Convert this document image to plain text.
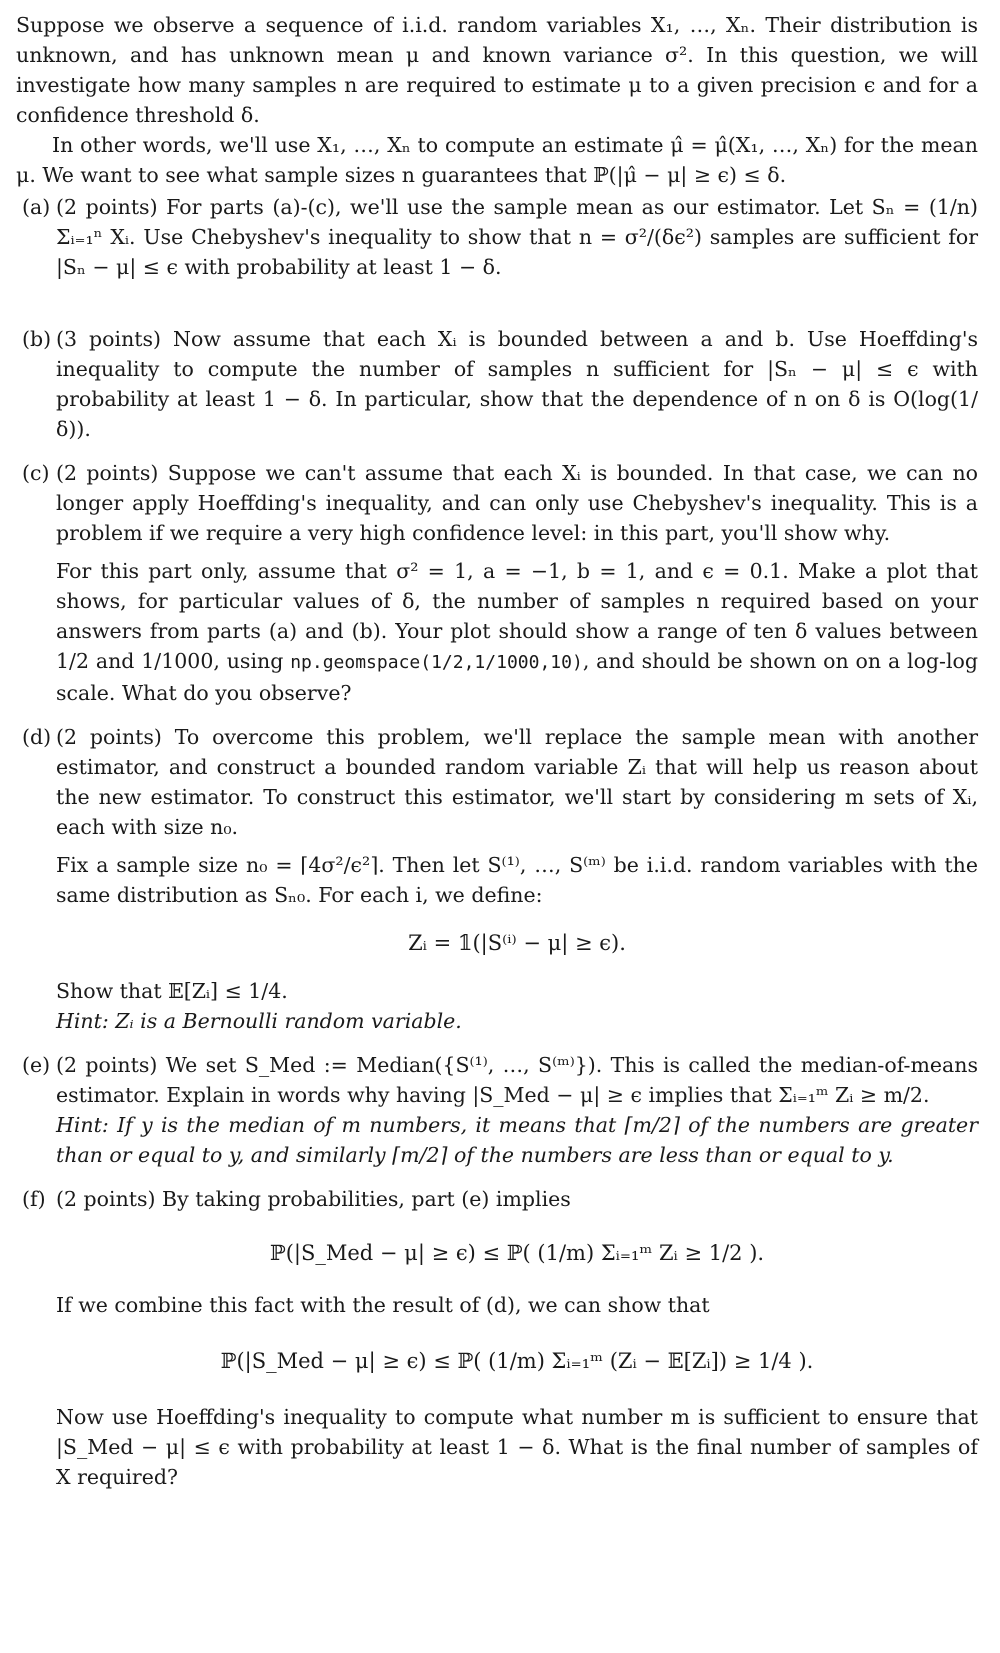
Suppose we observe a sequence of i.i.d. random variables X₁, …, Xₙ. Their distribution is unknown, and has unknown mean μ and known variance σ². In this question, we will investigate how many samples n are required to estimate μ to a given precision ϵ and for a confidence threshold δ.

In other words, we'll use X₁, …, Xₙ to compute an estimate μ̂ = μ̂(X₁, …, Xₙ) for the mean μ. We want to see what sample sizes n guarantees that ℙ(|μ̂ − μ| ≥ ϵ) ≤ δ.

(a) (2 points) For parts (a)-(c), we'll use the sample mean as our estimator. Let Sₙ = (1/n) Σᵢ₌₁ⁿ Xᵢ. Use Chebyshev's inequality to show that n = σ²/(δϵ²) samples are sufficient for |Sₙ − μ| ≤ ϵ with probability at least 1 − δ.
(b) (3 points) Now assume that each Xᵢ is bounded between a and b. Use Hoeffding's inequality to compute the number of samples n sufficient for |Sₙ − μ| ≤ ϵ with probability at least 1 − δ. In particular, show that the dependence of n on δ is O(log(1/δ)).
(c) (2 points) Suppose we can't assume that each Xᵢ is bounded. In that case, we can no longer apply Hoeffding's inequality, and can only use Chebyshev's inequality. This is a problem if we require a very high confidence level: in this part, you'll show why.
For this part only, assume that σ² = 1, a = −1, b = 1, and ϵ = 0.1. Make a plot that shows, for particular values of δ, the number of samples n required based on your answers from parts (a) and (b). Your plot should show a range of ten δ values between 1/2 and 1/1000, using np.geomspace(1/2,1/1000,10), and should be shown on on a log-log scale. What do you observe?
(d) (2 points) To overcome this problem, we'll replace the sample mean with another estimator, and construct a bounded random variable Zᵢ that will help us reason about the new estimator. To construct this estimator, we'll start by considering m sets of Xᵢ, each with size n₀.
Fix a sample size n₀ = ⌈4σ²/ϵ²⌉. Then let S⁽¹⁾, …, S⁽ᵐ⁾ be i.i.d. random variables with the same distribution as Sₙ₀. For each i, we define:
Zᵢ = 𝟙(|S⁽ⁱ⁾ − μ| ≥ ϵ).
Show that 𝔼[Zᵢ] ≤ 1/4.
Hint: Zᵢ is a Bernoulli random variable.
(e) (2 points) We set S_Med := Median({S⁽¹⁾, …, S⁽ᵐ⁾}). This is called the median-of-means estimator. Explain in words why having |S_Med − μ| ≥ ϵ implies that Σᵢ₌₁ᵐ Zᵢ ≥ m/2.
Hint: If y is the median of m numbers, it means that ⌈m/2⌉ of the numbers are greater than or equal to y, and similarly ⌈m/2⌉ of the numbers are less than or equal to y.
(f) (2 points) By taking probabilities, part (e) implies
ℙ(|S_Med − μ| ≥ ϵ) ≤ ℙ( (1/m) Σᵢ₌₁ᵐ Zᵢ ≥ 1/2 ).
If we combine this fact with the result of (d), we can show that
ℙ(|S_Med − μ| ≥ ϵ) ≤ ℙ( (1/m) Σᵢ₌₁ᵐ (Zᵢ − 𝔼[Zᵢ]) ≥ 1/4 ).
Now use Hoeffding's inequality to compute what number m is sufficient to ensure that |S_Med − μ| ≤ ϵ with probability at least 1 − δ. What is the final number of samples of X required?
